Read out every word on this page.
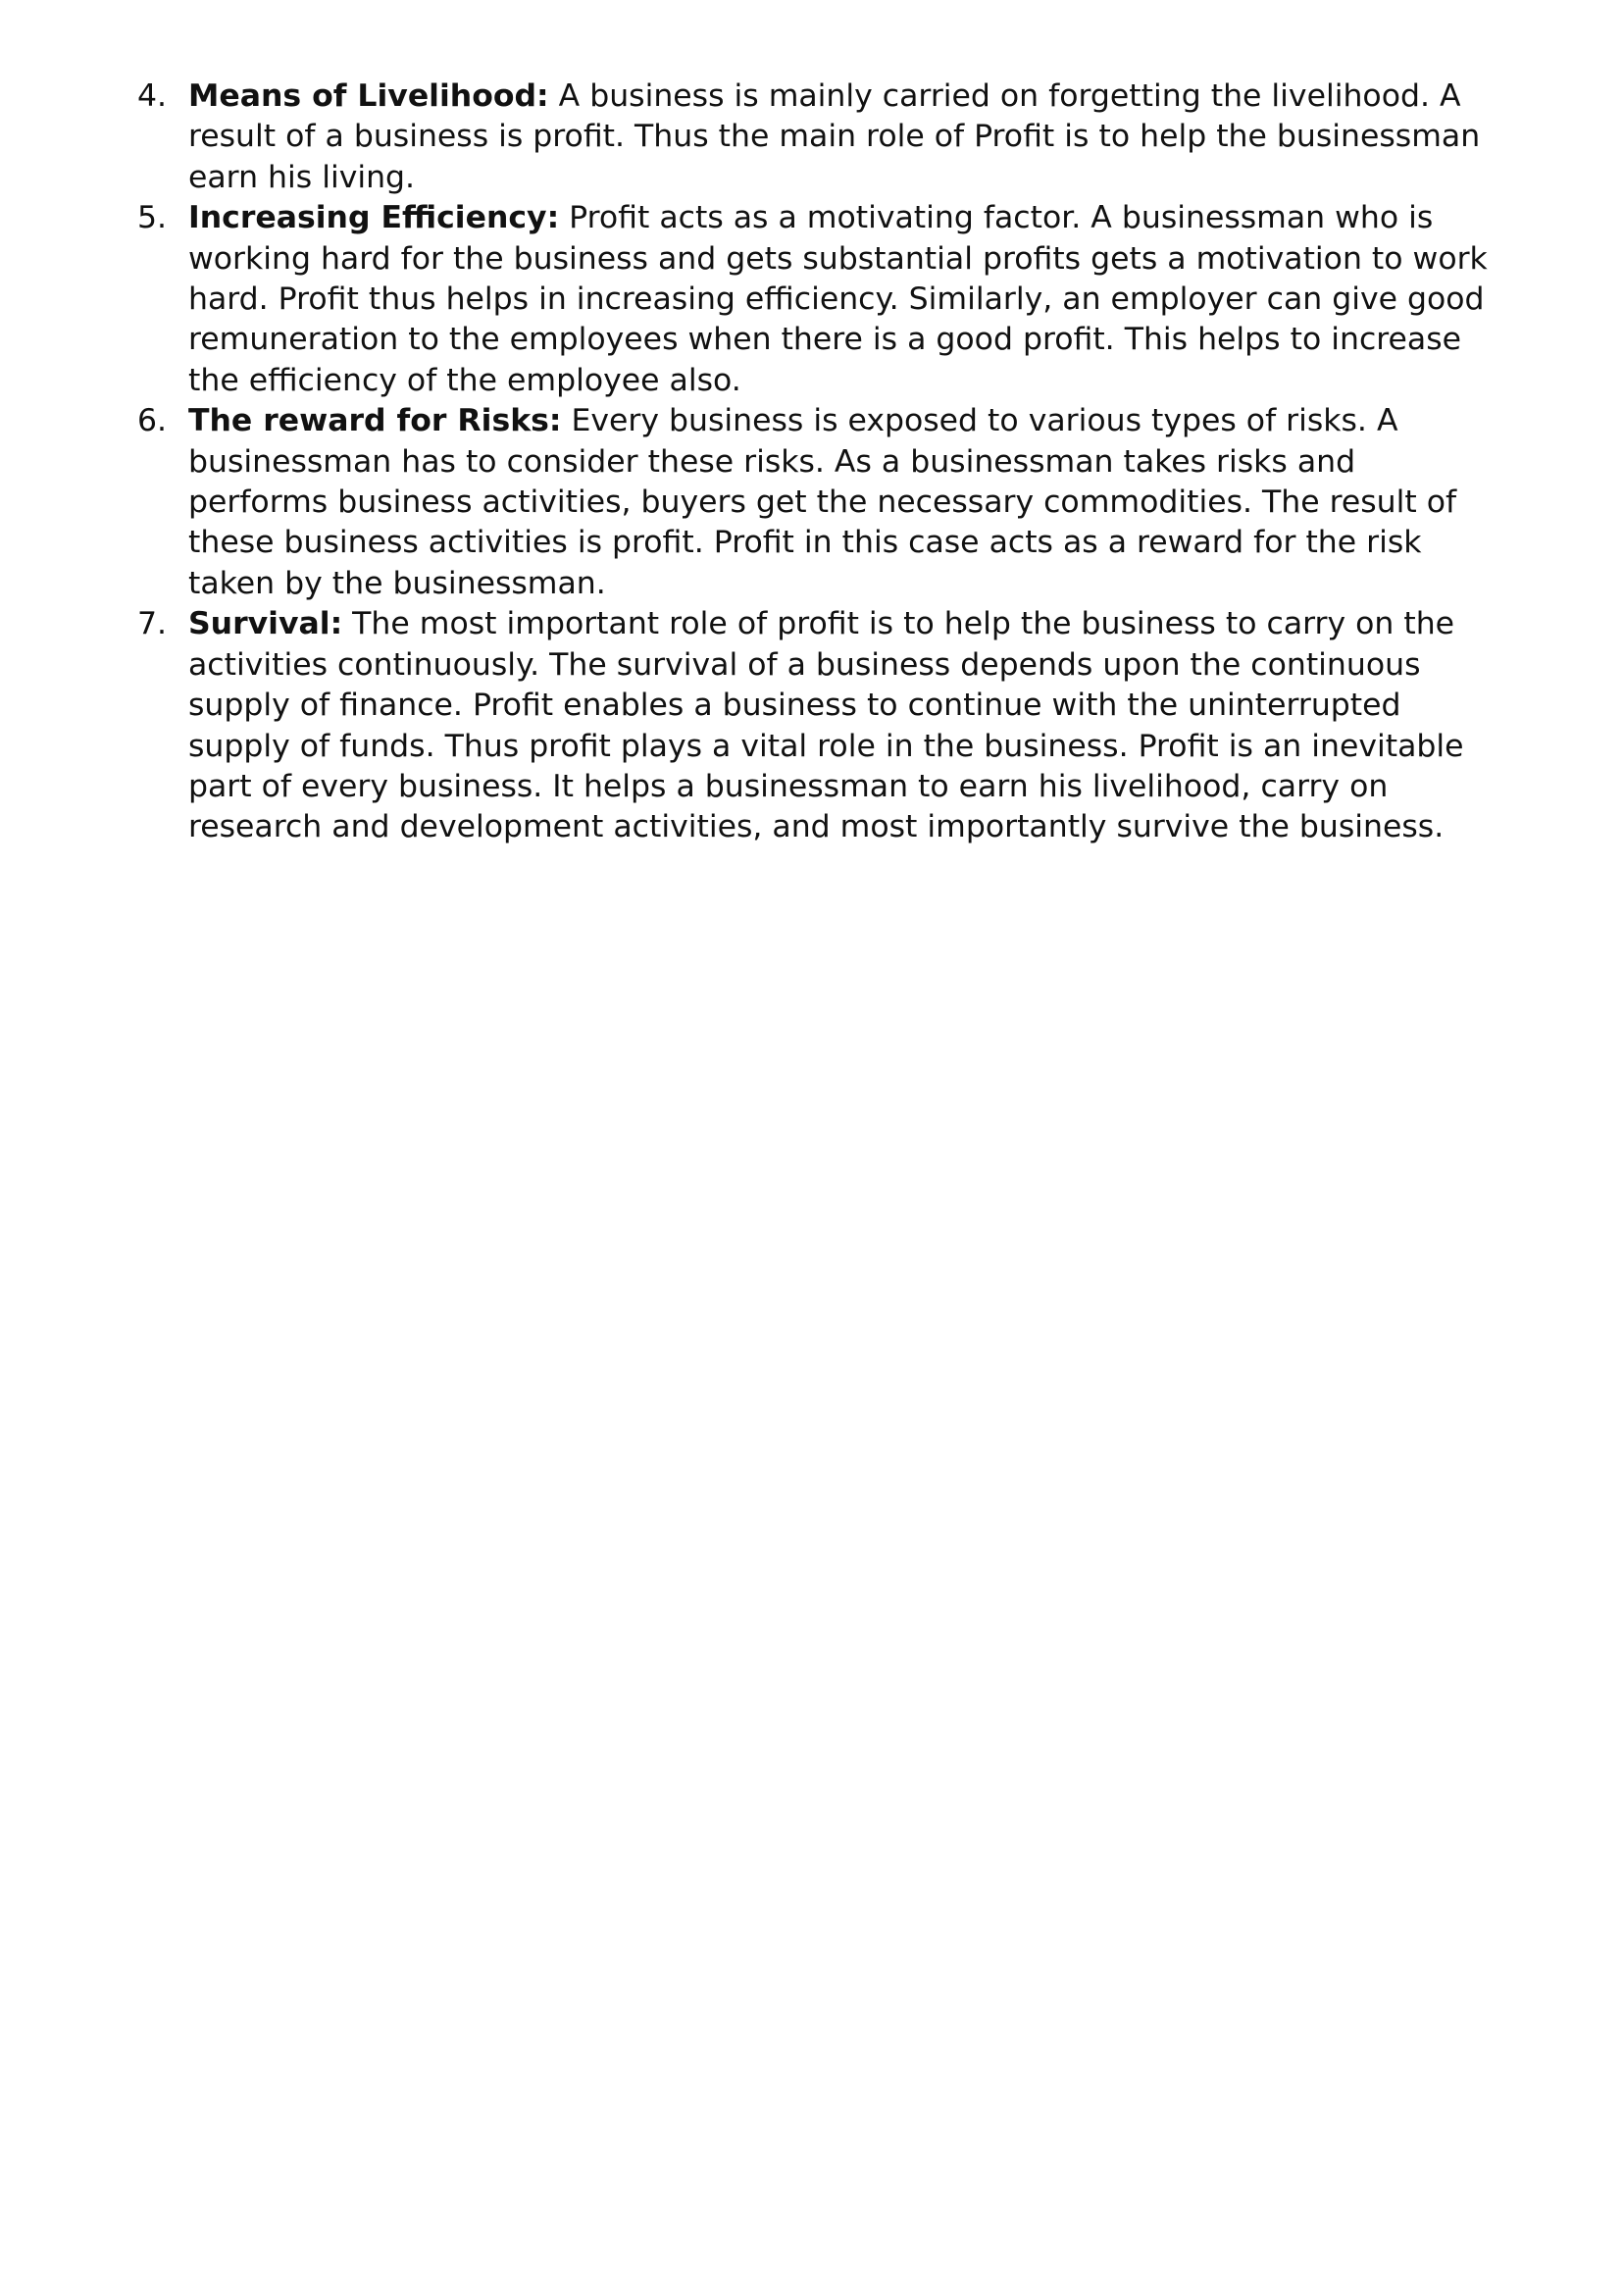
4. Means of Livelihood: A business is mainly carried on forgetting the livelihood. A
result of a business is profit. Thus the main role of Profit is to help the businessman
earn his living.
5. Increasing Efficiency: Profit acts as a motivating factor. A businessman who is
working hard for the business and gets substantial profits gets a motivation to work
hard. Profit thus helps in increasing efficiency. Similarly, an employer can give good
remuneration to the employees when there is a good profit. This helps to increase
the efficiency of the employee also.
6. The reward for Risks: Every business is exposed to various types of risks. A
businessman has to consider these risks. As a businessman takes risks and
performs business activities, buyers get the necessary commodities. The result of
these business activities is profit. Profit in this case acts as a reward for the risk
taken by the businessman.
7. Survival: The most important role of profit is to help the business to carry on the
activities continuously. The survival of a business depends upon the continuous
supply of finance. Profit enables a business to continue with the uninterrupted
supply of funds. Thus profit plays a vital role in the business. Profit is an inevitable
part of every business. It helps a businessman to earn his livelihood, carry on
research and development activities, and most importantly survive the business.
